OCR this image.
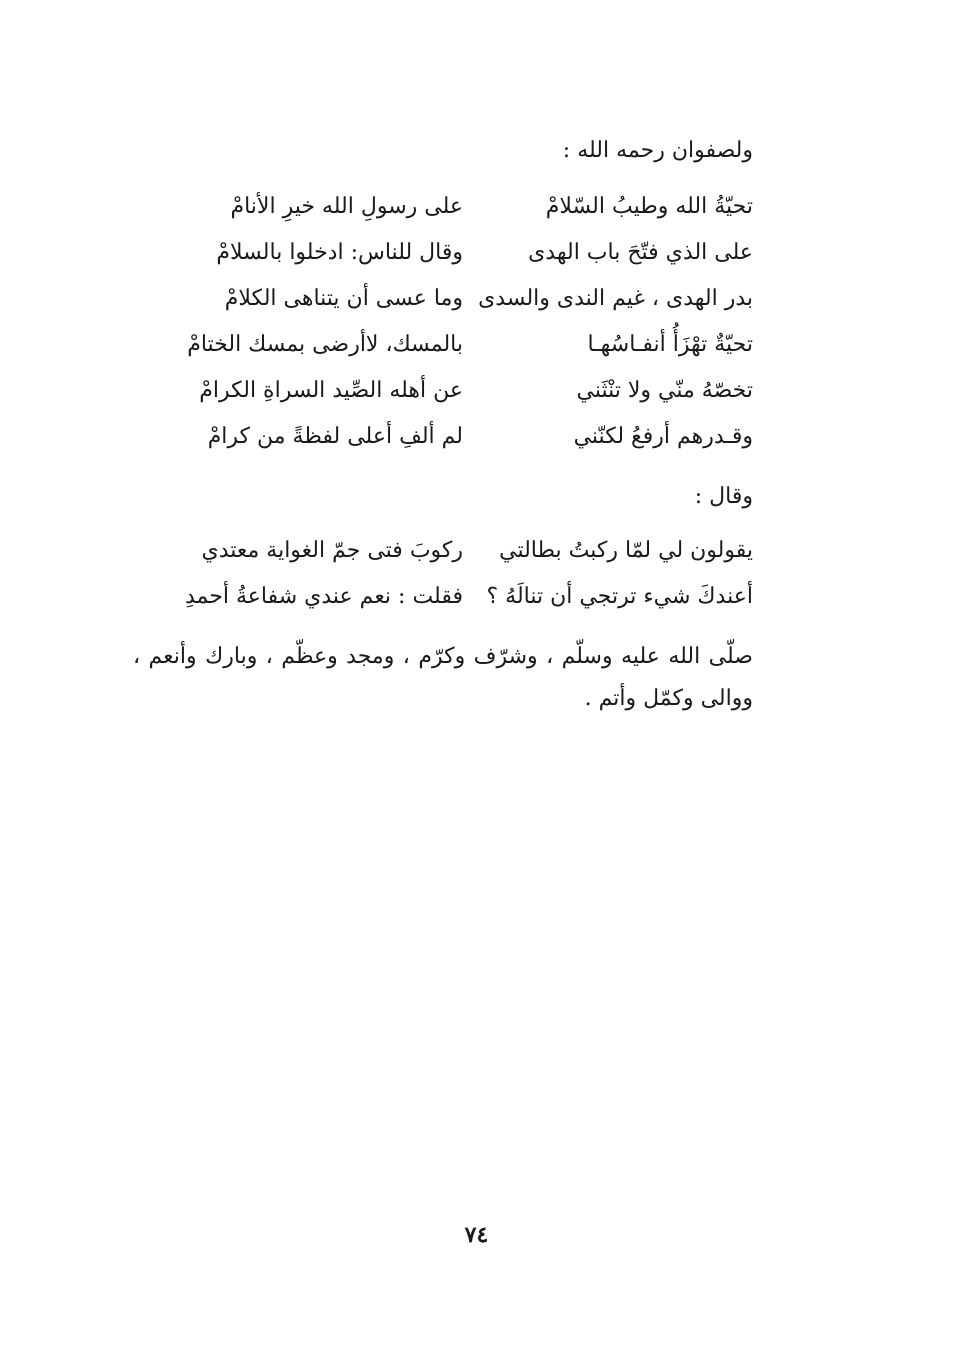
ولصفوان رحمه الله :
تحيّةُ الله وطيبُ السّلامْ
على رسولِ الله خيرِ الأنامْ
على الذي فتّحَ باب الهدى
وقال للناس: ادخلوا بالسلامْ
بدر الهدى ، غيم الندى والسدى
وما عسى أن يتناهى الكلامْ
تحيّةٌ تهْزَأُ أنفـاسُهـا
بالمسك، لاأرضى بمسك الختامْ
تخصّهُ منّي ولا تنْثَني
عن أهله الصِّيد السراةِ الكرامْ
وقـدرهم أرفعُ لكنّني
لم ألفِ أعلى لفظةً من كرامْ
وقال :
يقولون لي لمّا ركبتُ بطالتي
ركوبَ فتى جمّ الغواية معتدي
أعندكَ شيء ترتجي أن تنالَهُ ؟
فقلت : نعم عندي شفاعةُ أحمدِ
صلّى الله عليه وسلّم ، وشرّف وكرّم ، ومجد وعظّم ، وبارك وأنعم ، ووالى وكمّل وأتم .
٧٤
